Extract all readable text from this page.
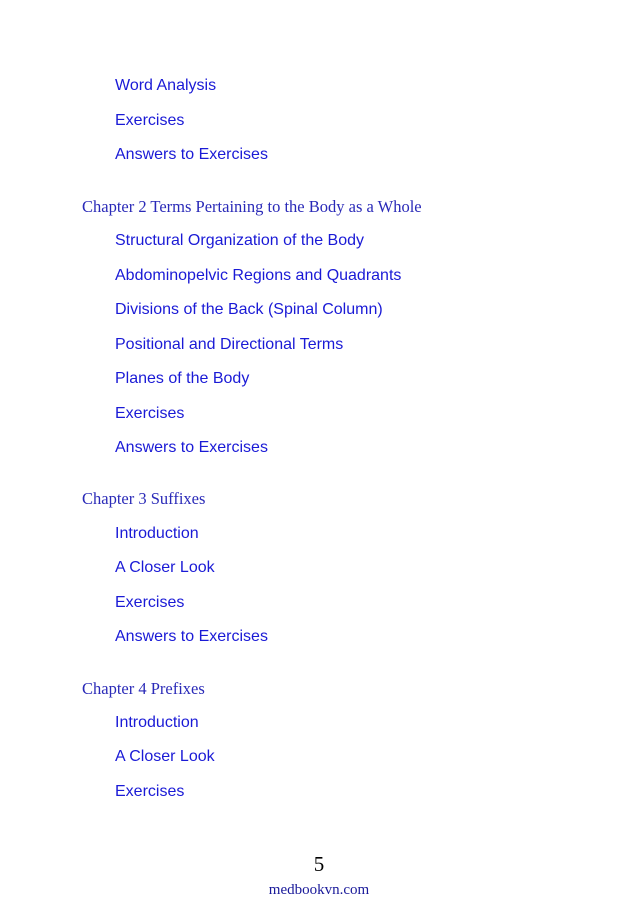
Word Analysis
Exercises
Answers to Exercises
Chapter 2 Terms Pertaining to the Body as a Whole
Structural Organization of the Body
Abdominopelvic Regions and Quadrants
Divisions of the Back (Spinal Column)
Positional and Directional Terms
Planes of the Body
Exercises
Answers to Exercises
Chapter 3 Suffixes
Introduction
A Closer Look
Exercises
Answers to Exercises
Chapter 4 Prefixes
Introduction
A Closer Look
Exercises
5
medbookvn.com
